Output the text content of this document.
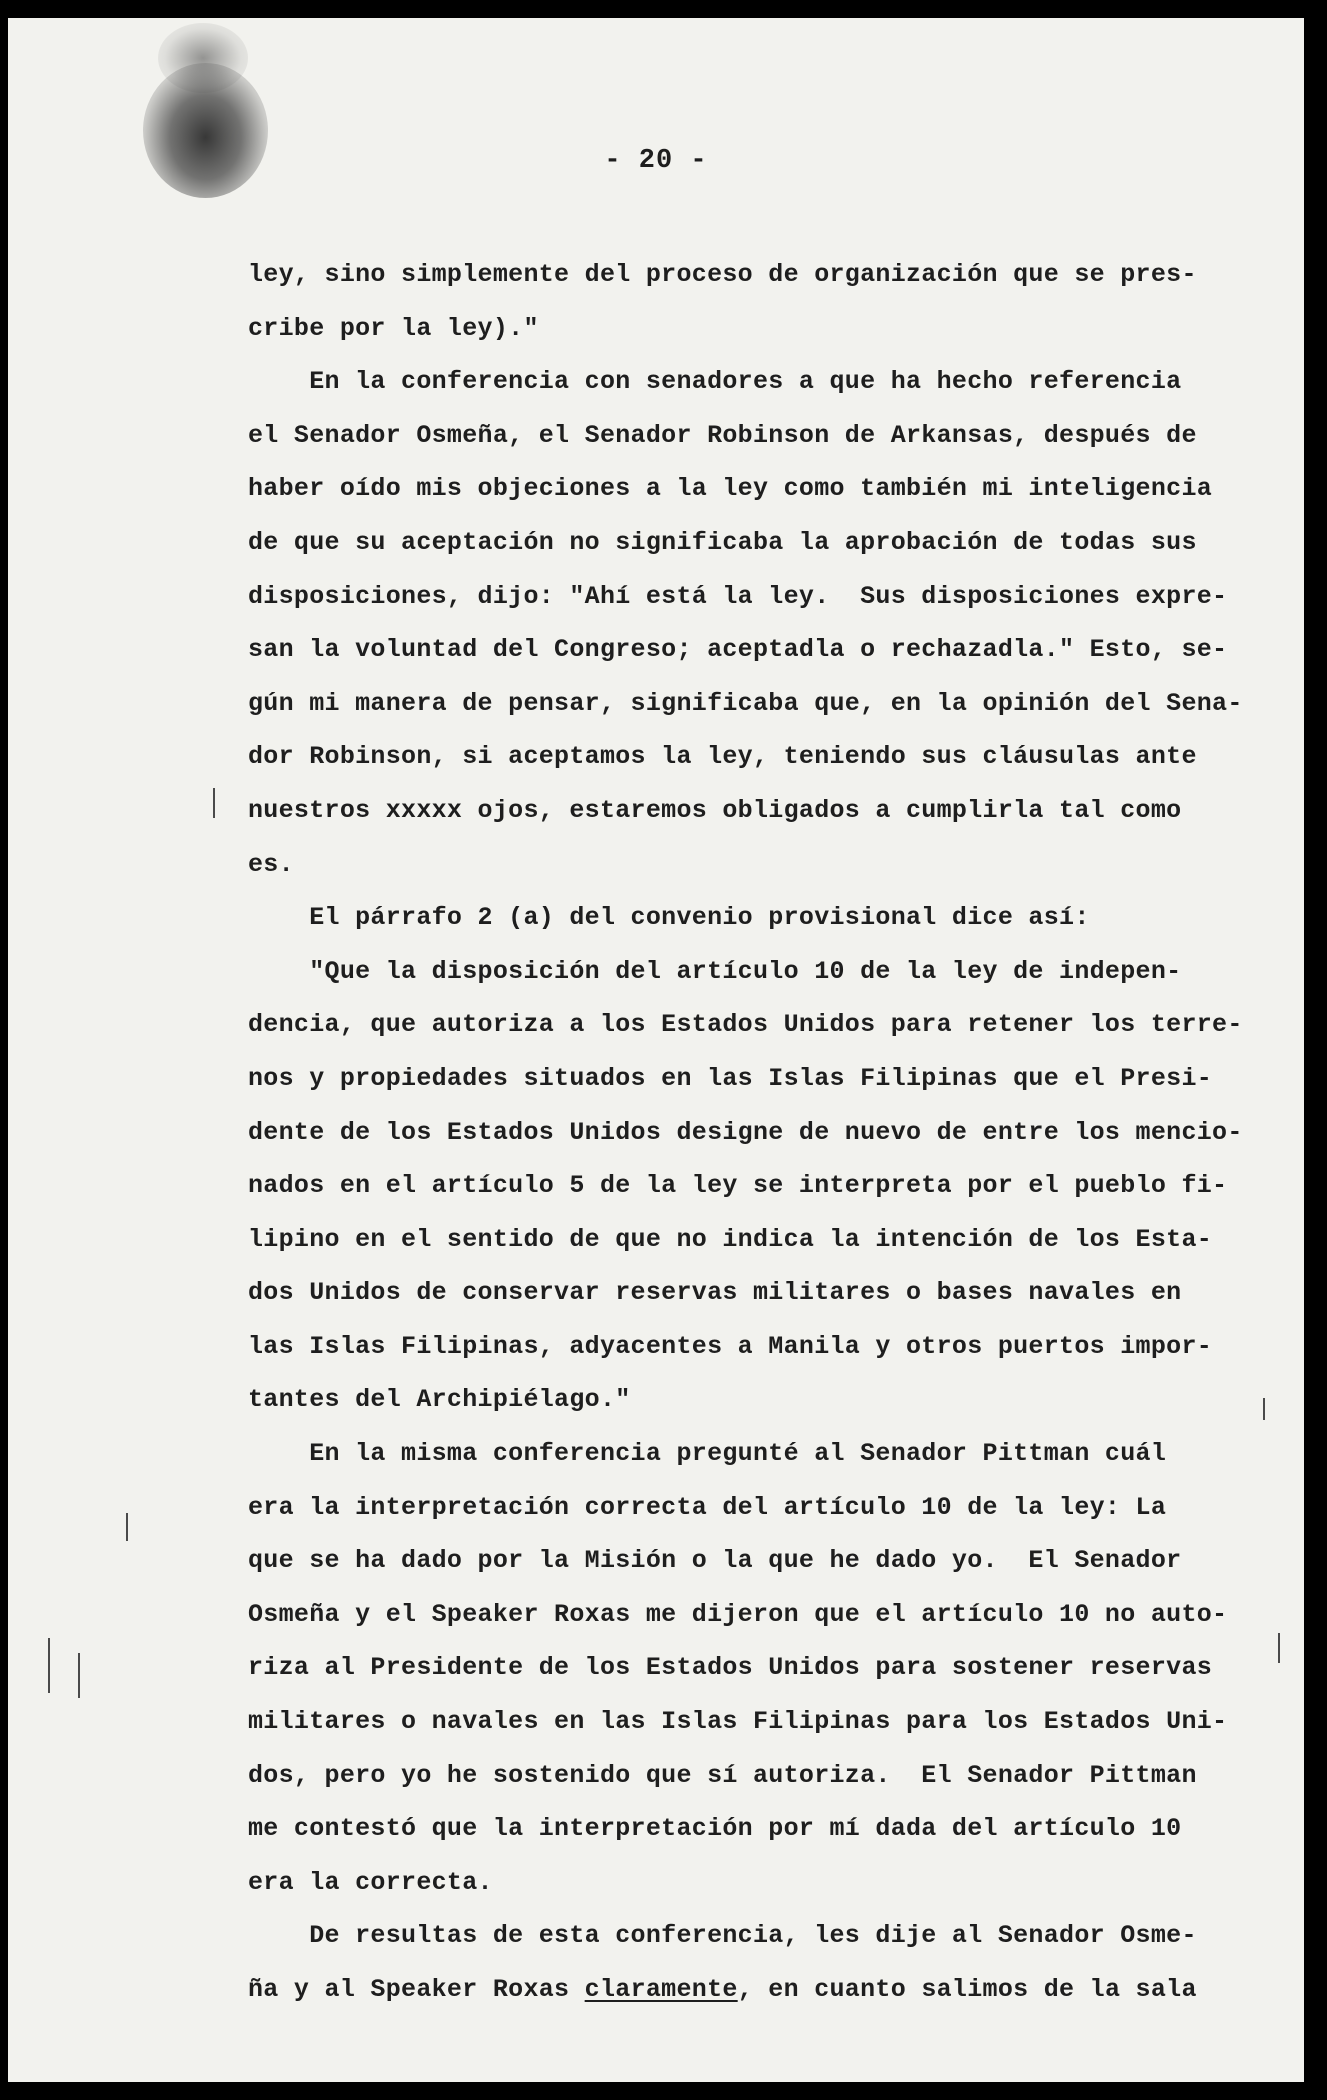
- 20 -
ley, sino simplemente del proceso de organización que se pres-
cribe por la ley)."
En la conferencia con senadores a que ha hecho referencia
el Senador Osmeña, el Senador Robinson de Arkansas, después de
haber oído mis objeciones a la ley como también mi inteligencia
de que su aceptación no significaba la aprobación de todas sus
disposiciones, dijo: "Ahí está la ley.  Sus disposiciones expre-
san la voluntad del Congreso; aceptadla o rechazadla." Esto, se-
gún mi manera de pensar, significaba que, en la opinión del Sena-
dor Robinson, si aceptamos la ley, teniendo sus cláusulas ante
nuestros xxxxx ojos, estaremos obligados a cumplirla tal como
es.
El párrafo 2 (a) del convenio provisional dice así:
"Que la disposición del artículo 10 de la ley de indepen-
dencia, que autoriza a los Estados Unidos para retener los terre-
nos y propiedades situados en las Islas Filipinas que el Presi-
dente de los Estados Unidos designe de nuevo de entre los mencio-
nados en el artículo 5 de la ley se interpreta por el pueblo fi-
lipino en el sentido de que no indica la intención de los Esta-
dos Unidos de conservar reservas militares o bases navales en
las Islas Filipinas, adyacentes a Manila y otros puertos impor-
tantes del Archipiélago."
En la misma conferencia pregunté al Senador Pittman cuál
era la interpretación correcta del artículo 10 de la ley: La
que se ha dado por la Misión o la que he dado yo.  El Senador
Osmeña y el Speaker Roxas me dijeron que el artículo 10 no auto-
riza al Presidente de los Estados Unidos para sostener reservas
militares o navales en las Islas Filipinas para los Estados Uni-
dos, pero yo he sostenido que sí autoriza.  El Senador Pittman
me contestó que la interpretación por mí dada del artículo 10
era la correcta.
De resultas de esta conferencia, les dije al Senador Osme-
ña y al Speaker Roxas claramente, en cuanto salimos de la sala
